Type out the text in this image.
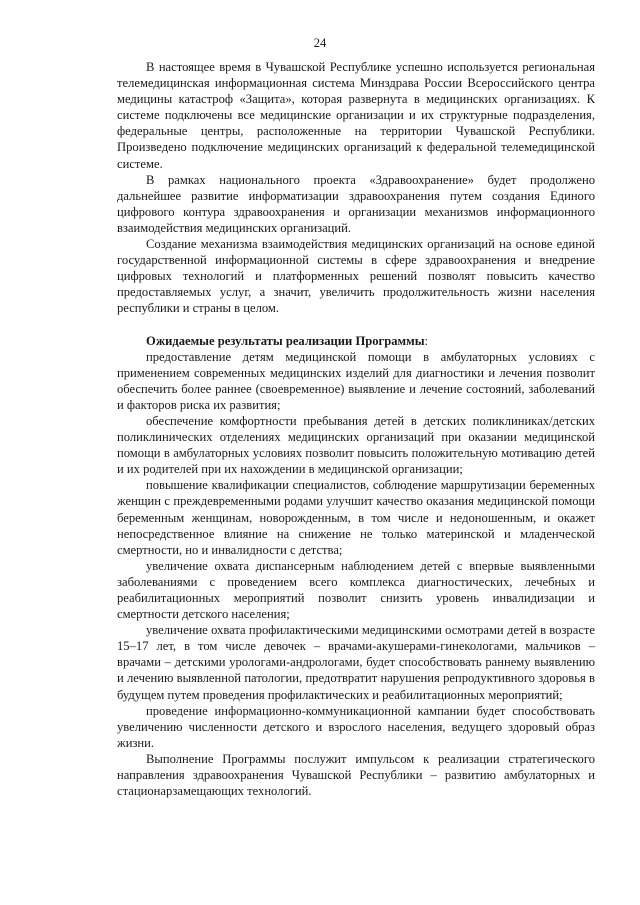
24

В настоящее время в Чувашской Республике успешно используется региональная телемедицинская информационная система Минздрава России Всероссийского центра медицины катастроф «Защита», которая развернута в медицинских организациях. К системе подключены все медицинские организации и их структурные подразделения, федеральные центры, расположенные на территории Чувашской Республики. Произведено подключение медицинских организаций к федеральной телемедицинской системе.

В рамках национального проекта «Здравоохранение» будет продолжено дальнейшее развитие информатизации здравоохранения путем создания Единого цифрового контура здравоохранения и организации механизмов информационного взаимодействия медицинских организаций.

Создание механизма взаимодействия медицинских организаций на основе единой государственной информационной системы в сфере здравоохранения и внедрение цифровых технологий и платформенных решений позволят повысить качество предоставляемых услуг, а значит, увеличить продолжительность жизни населения республики и страны в целом.

Ожидаемые результаты реализации Программы:

предоставление детям медицинской помощи в амбулаторных условиях с применением современных медицинских изделий для диагностики и лечения позволит обеспечить более раннее (своевременное) выявление и лечение состояний, заболеваний и факторов риска их развития;

обеспечение комфортности пребывания детей в детских поликлиниках/детских поликлинических отделениях медицинских организаций при оказании медицинской помощи в амбулаторных условиях позволит повысить положительную мотивацию детей и их родителей при их нахождении в медицинской организации;

повышение квалификации специалистов, соблюдение маршрутизации беременных женщин с преждевременными родами улучшит качество оказания медицинской помощи беременным женщинам, новорожденным, в том числе и недоношенным, и окажет непосредственное влияние на снижение не только материнской и младенческой смертности, но и инвалидности с детства;

увеличение охвата диспансерным наблюдением детей с впервые выявленными заболеваниями с проведением всего комплекса диагностических, лечебных и реабилитационных мероприятий позволит снизить уровень инвалидизации и смертности детского населения;

увеличение охвата профилактическими медицинскими осмотрами детей в возрасте 15–17 лет, в том числе девочек – врачами-акушерами-гинекологами, мальчиков – врачами – детскими урологами-андрологами, будет способствовать раннему выявлению и лечению выявленной патологии, предотвратит нарушения репродуктивного здоровья в будущем путем проведения профилактических и реабилитационных мероприятий;

проведение информационно-коммуникационной кампании будет способствовать увеличению численности детского и взрослого населения, ведущего здоровый образ жизни.

Выполнение Программы послужит импульсом к реализации стратегического направления здравоохранения Чувашской Республики – развитию амбулаторных и стационарзамещающих технологий.
